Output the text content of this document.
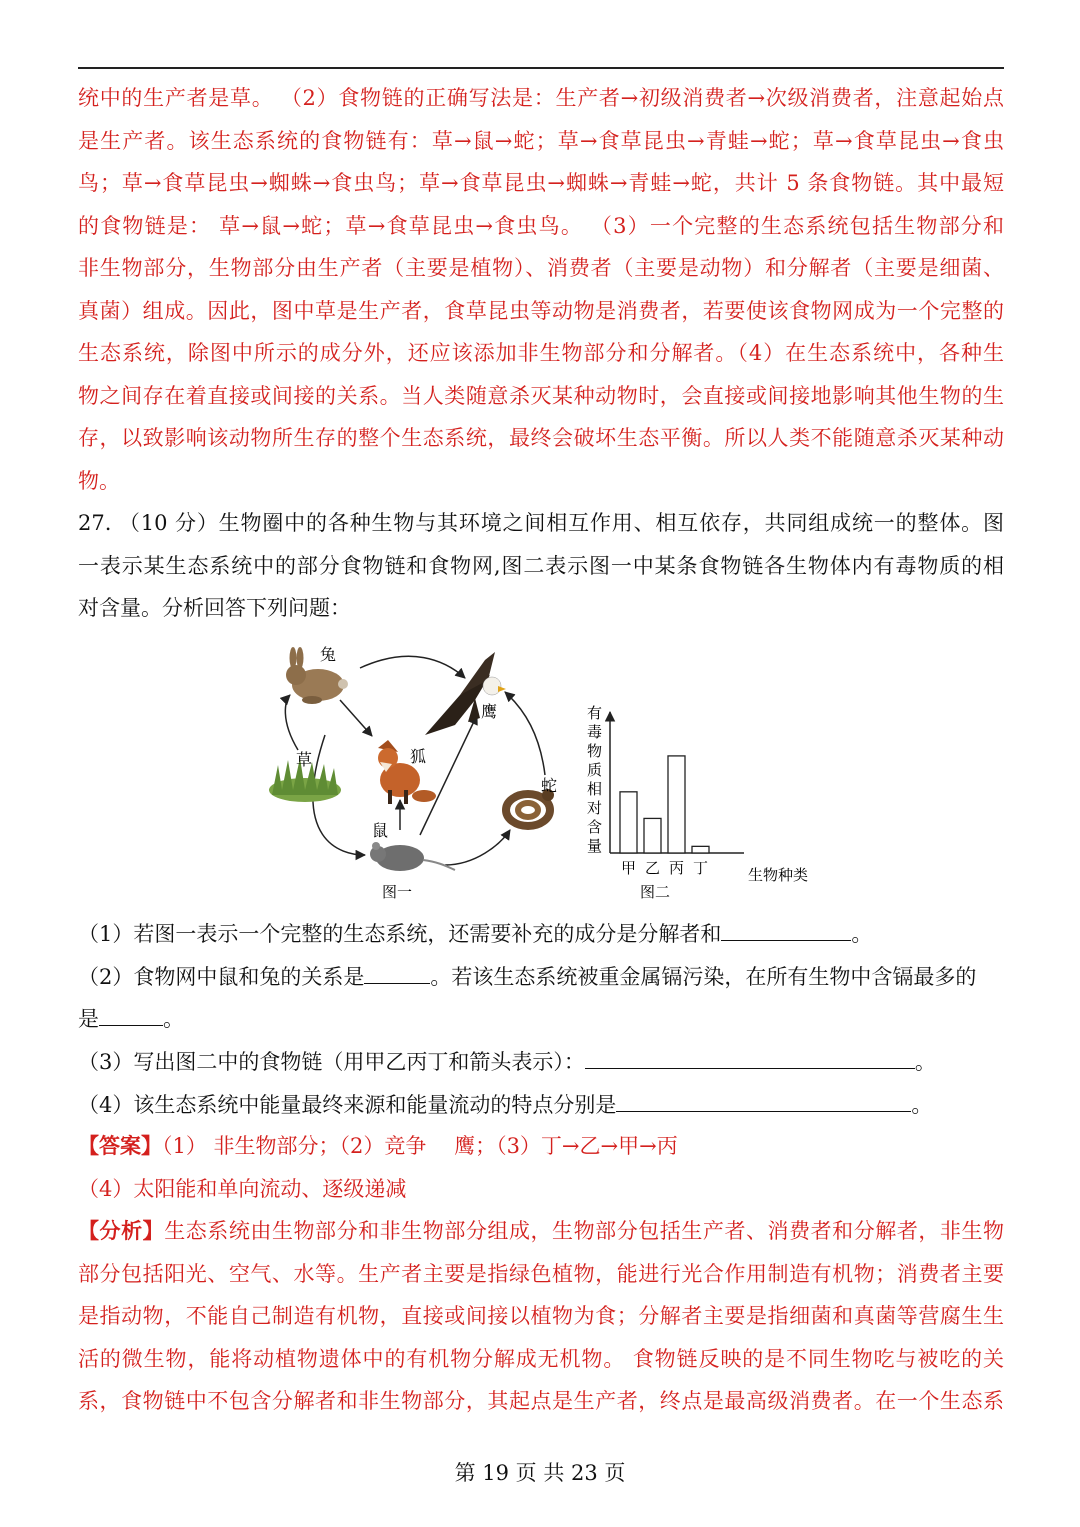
统中的生产者是草。 （2）食物链的正确写法是：生产者→初级消费者→次级消费者，注意起始点
是生产者。该生态系统的食物链有：草→鼠→蛇；草→食草昆虫→青蛙→蛇；草→食草昆虫→食虫
鸟；草→食草昆虫→蜘蛛→食虫鸟；草→食草昆虫→蜘蛛→青蛙→蛇，共计 5 条食物链。其中最短
的食物链是： 草→鼠→蛇；草→食草昆虫→食虫鸟。 （3）一个完整的生态系统包括生物部分和
非生物部分，生物部分由生产者（主要是植物）、消费者（主要是动物）和分解者（主要是细菌、
真菌）组成。因此，图中草是生产者，食草昆虫等动物是消费者，若要使该食物网成为一个完整的
生态系统，除图中所示的成分外，还应该添加非生物部分和分解者。（4）在生态系统中，各种生
物之间存在着直接或间接的关系。当人类随意杀灭某种动物时，会直接或间接地影响其他生物的生
存，以致影响该动物所生存的整个生态系统，最终会破坏生态平衡。所以人类不能随意杀灭某种动
物。
27. （10 分）生物圈中的各种生物与其环境之间相互作用、相互依存，共同组成统一的整体。图
一表示某生态系统中的部分食物链和食物网,图二表示图一中某条食物链各生物体内有毒物质的相
对含量。分析回答下列问题：
兔
鹰
草	狐
蛇
鼠
图一
有
毒
物
质
相
对
含
量
甲 乙 丙 丁	生物种类
图二
（1）若图一表示一个完整的生态系统，还需要补充的成分是分解者和	。
（2）食物网中鼠和兔的关系是	。若该生态系统被重金属镉污染，在所有生物中含镉最多的
是	。
（3）写出图二中的食物链（用甲乙丙丁和箭头表示）：	。
（4）该生态系统中能量最终来源和能量流动的特点分别是	。
【答案】（1） 非生物部分；（2）竞争　 鹰；（3）丁→乙→甲→丙
（4）太阳能和单向流动、逐级递减
【分析】生态系统由生物部分和非生物部分组成，生物部分包括生产者、消费者和分解者，非生物
部分包括阳光、空气、水等。生产者主要是指绿色植物，能进行光合作用制造有机物；消费者主要
是指动物，不能自己制造有机物，直接或间接以植物为食；分解者主要是指细菌和真菌等营腐生生
活的微生物，能将动植物遗体中的有机物分解成无机物。 食物链反映的是不同生物吃与被吃的关
系，食物链中不包含分解者和非生物部分，其起点是生产者，终点是最高级消费者。在一个生态系
第 19 页 共 23 页
